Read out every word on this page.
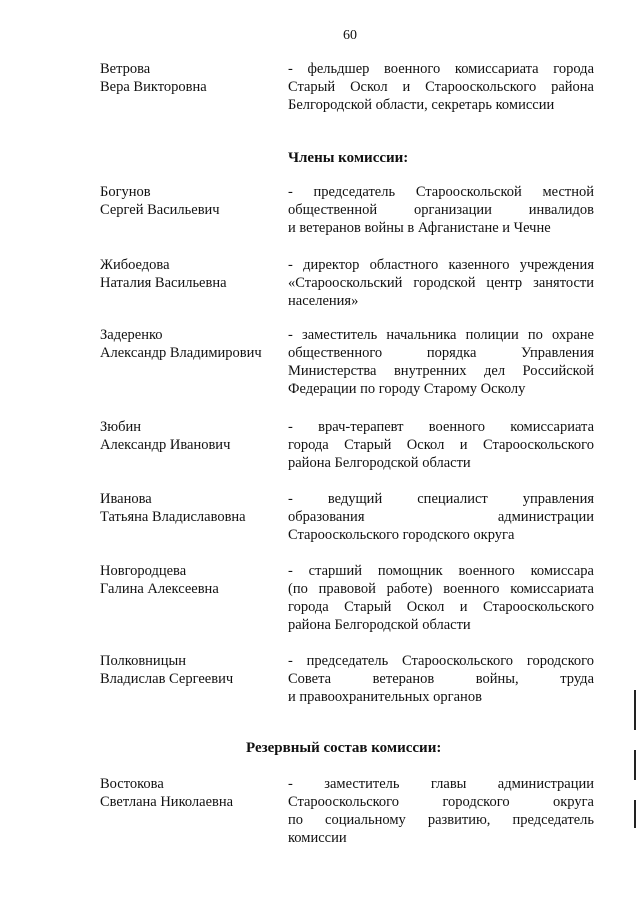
60
Ветрова
Вера Викторовна
- фельдшер военного комиссариата города
Старый Оскол и Старооскольского района
Белгородской области, секретарь комиссии
Члены комиссии:
Богунов
Сергей Васильевич
- председатель Старооскольской местной
общественной организации инвалидов
и ветеранов войны в Афганистане и Чечне
Жибоедова
Наталия Васильевна
- директор областного казенного учреждения
«Старооскольский городской центр занятости
населения»
Задеренко
Александр Владимирович
- заместитель начальника полиции по охране
общественного порядка Управления
Министерства внутренних дел Российской
Федерации по городу Старому Осколу
Зюбин
Александр Иванович
- врач-терапевт военного комиссариата
города Старый Оскол и Старооскольского
района Белгородской области
Иванова
Татьяна Владиславовна
- ведущий специалист управления
образования администрации
Старооскольского городского округа
Новгородцева
Галина Алексеевна
- старший помощник военного комиссара
(по правовой работе) военного комиссариата
города Старый Оскол и Старооскольского
района Белгородской области
Полковницын
Владислав Сергеевич
- председатель Старооскольского городского
Совета ветеранов войны, труда
и правоохранительных органов
Резервный состав комиссии:
Востокова
Светлана Николаевна
- заместитель главы администрации
Старооскольского городского округа
по социальному развитию, председатель
комиссии
